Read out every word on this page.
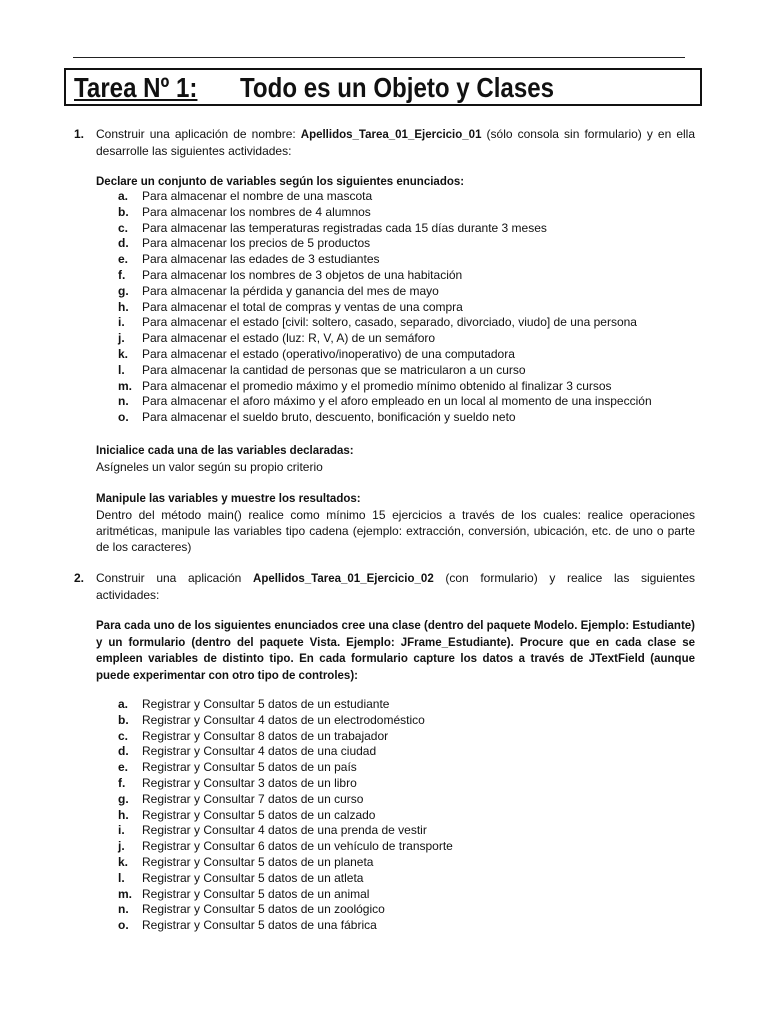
Tarea Nº 1: Todo es un Objeto y Clases
1. Construir una aplicación de nombre: Apellidos_Tarea_01_Ejercicio_01 (sólo consola sin formulario) y en ella desarrolle las siguientes actividades:
Declare un conjunto de variables según los siguientes enunciados:
a. Para almacenar el nombre de una mascota
b. Para almacenar los nombres de 4 alumnos
c. Para almacenar las temperaturas registradas cada 15 días durante 3 meses
d. Para almacenar los precios de 5 productos
e. Para almacenar las edades de 3 estudiantes
f. Para almacenar los nombres de 3 objetos de una habitación
g. Para almacenar la pérdida y ganancia del mes de mayo
h. Para almacenar el total de compras y ventas de una compra
i. Para almacenar el estado [civil: soltero, casado, separado, divorciado, viudo] de una persona
j. Para almacenar el estado (luz: R, V, A) de un semáforo
k. Para almacenar el estado (operativo/inoperativo) de una computadora
l. Para almacenar la cantidad de personas que se matricularon a un curso
m. Para almacenar el promedio máximo y el promedio mínimo obtenido al finalizar 3 cursos
n. Para almacenar el aforo máximo y el aforo empleado en un local al momento de una inspección
o. Para almacenar el sueldo bruto, descuento, bonificación y sueldo neto
Inicialice cada una de las variables declaradas:
Asígneles un valor según su propio criterio
Manipule las variables y muestre los resultados:
Dentro del método main() realice como mínimo 15 ejercicios a través de los cuales: realice operaciones aritméticas, manipule las variables tipo cadena (ejemplo: extracción, conversión, ubicación, etc. de uno o parte de los caracteres)
2. Construir una aplicación Apellidos_Tarea_01_Ejercicio_02 (con formulario) y realice las siguientes actividades:
Para cada uno de los siguientes enunciados cree una clase (dentro del paquete Modelo. Ejemplo: Estudiante) y un formulario (dentro del paquete Vista. Ejemplo: JFrame_Estudiante). Procure que en cada clase se empleen variables de distinto tipo. En cada formulario capture los datos a través de JTextField (aunque puede experimentar con otro tipo de controles):
a. Registrar y Consultar 5 datos de un estudiante
b. Registrar y Consultar 4 datos de un electrodoméstico
c. Registrar y Consultar 8 datos de un trabajador
d. Registrar y Consultar 4 datos de una ciudad
e. Registrar y Consultar 5 datos de un país
f. Registrar y Consultar 3 datos de un libro
g. Registrar y Consultar 7 datos de un curso
h. Registrar y Consultar 5 datos de un calzado
i. Registrar y Consultar 4 datos de una prenda de vestir
j. Registrar y Consultar 6 datos de un vehículo de transporte
k. Registrar y Consultar 5 datos de un planeta
l. Registrar y Consultar 5 datos de un atleta
m. Registrar y Consultar 5 datos de un animal
n. Registrar y Consultar 5 datos de un zoológico
o. Registrar y Consultar 5 datos de una fábrica
